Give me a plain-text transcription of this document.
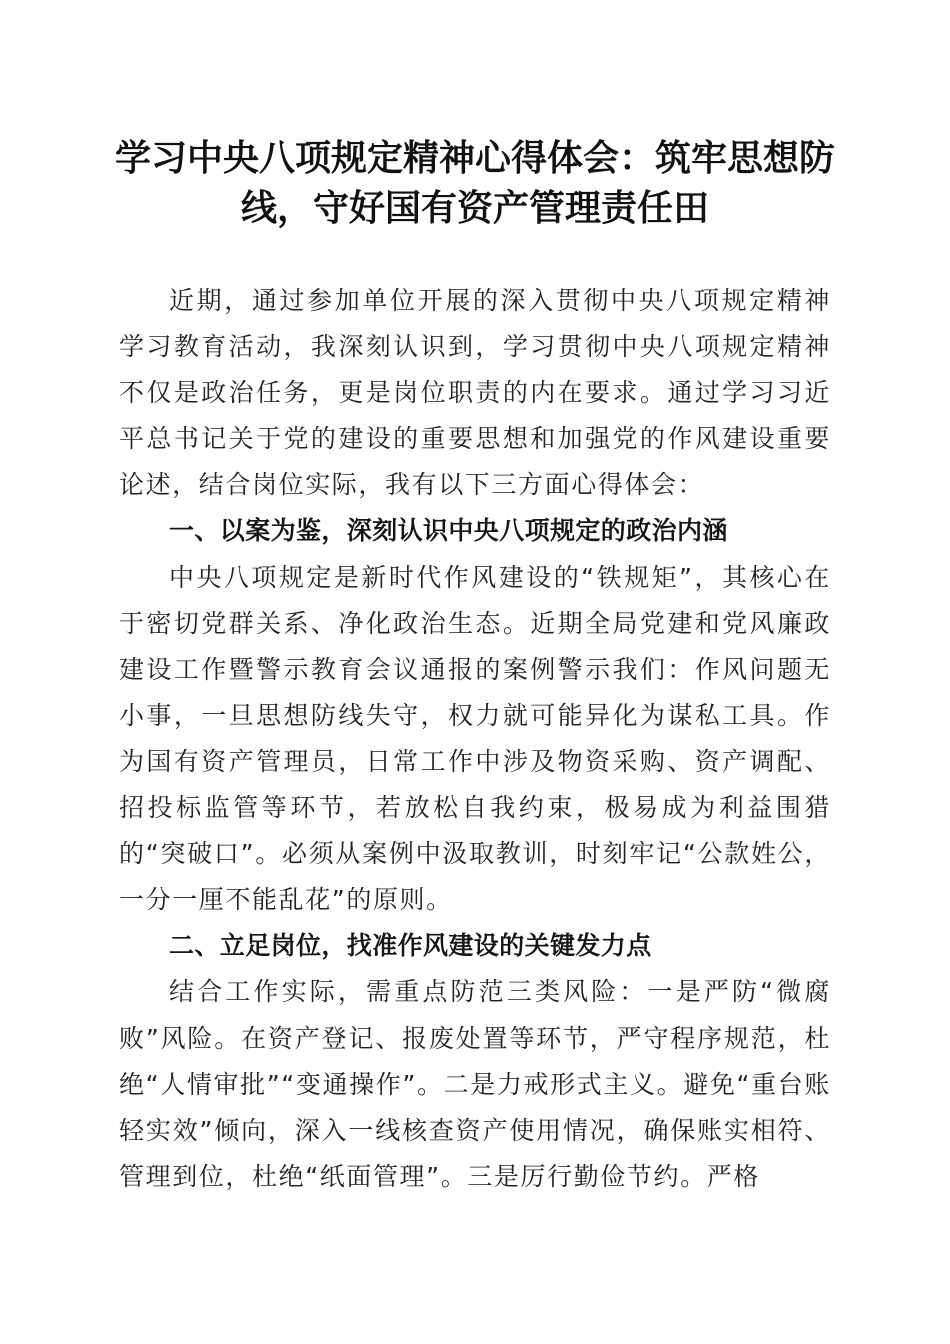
学习中央八项规定精神心得体会：筑牢思想防
线，守好国有资产管理责任田

近期，通过参加单位开展的深入贯彻中央八项规定精神学习教育活动，我深刻认识到，学习贯彻中央八项规定精神不仅是政治任务，更是岗位职责的内在要求。通过学习习近平总书记关于党的建设的重要思想和加强党的作风建设重要论述，结合岗位实际，我有以下三方面心得体会：

一、以案为鉴，深刻认识中央八项规定的政治内涵

中央八项规定是新时代作风建设的“铁规矩”，其核心在于密切党群关系、净化政治生态。近期全局党建和党风廉政建设工作暨警示教育会议通报的案例警示我们：作风问题无小事，一旦思想防线失守，权力就可能异化为谋私工具。作为国有资产管理员，日常工作中涉及物资采购、资产调配、招投标监管等环节，若放松自我约束，极易成为利益围猎的“突破口”。必须从案例中汲取教训，时刻牢记“公款姓公，一分一厘不能乱花”的原则。

二、立足岗位，找准作风建设的关键发力点

结合工作实际，需重点防范三类风险：一是严防“微腐败”风险。在资产登记、报废处置等环节，严守程序规范，杜绝“人情审批”“变通操作”。二是力戒形式主义。避免“重台账轻实效”倾向，深入一线核查资产使用情况，确保账实相符、管理到位，杜绝“纸面管理”。三是厉行勤俭节约。严格
